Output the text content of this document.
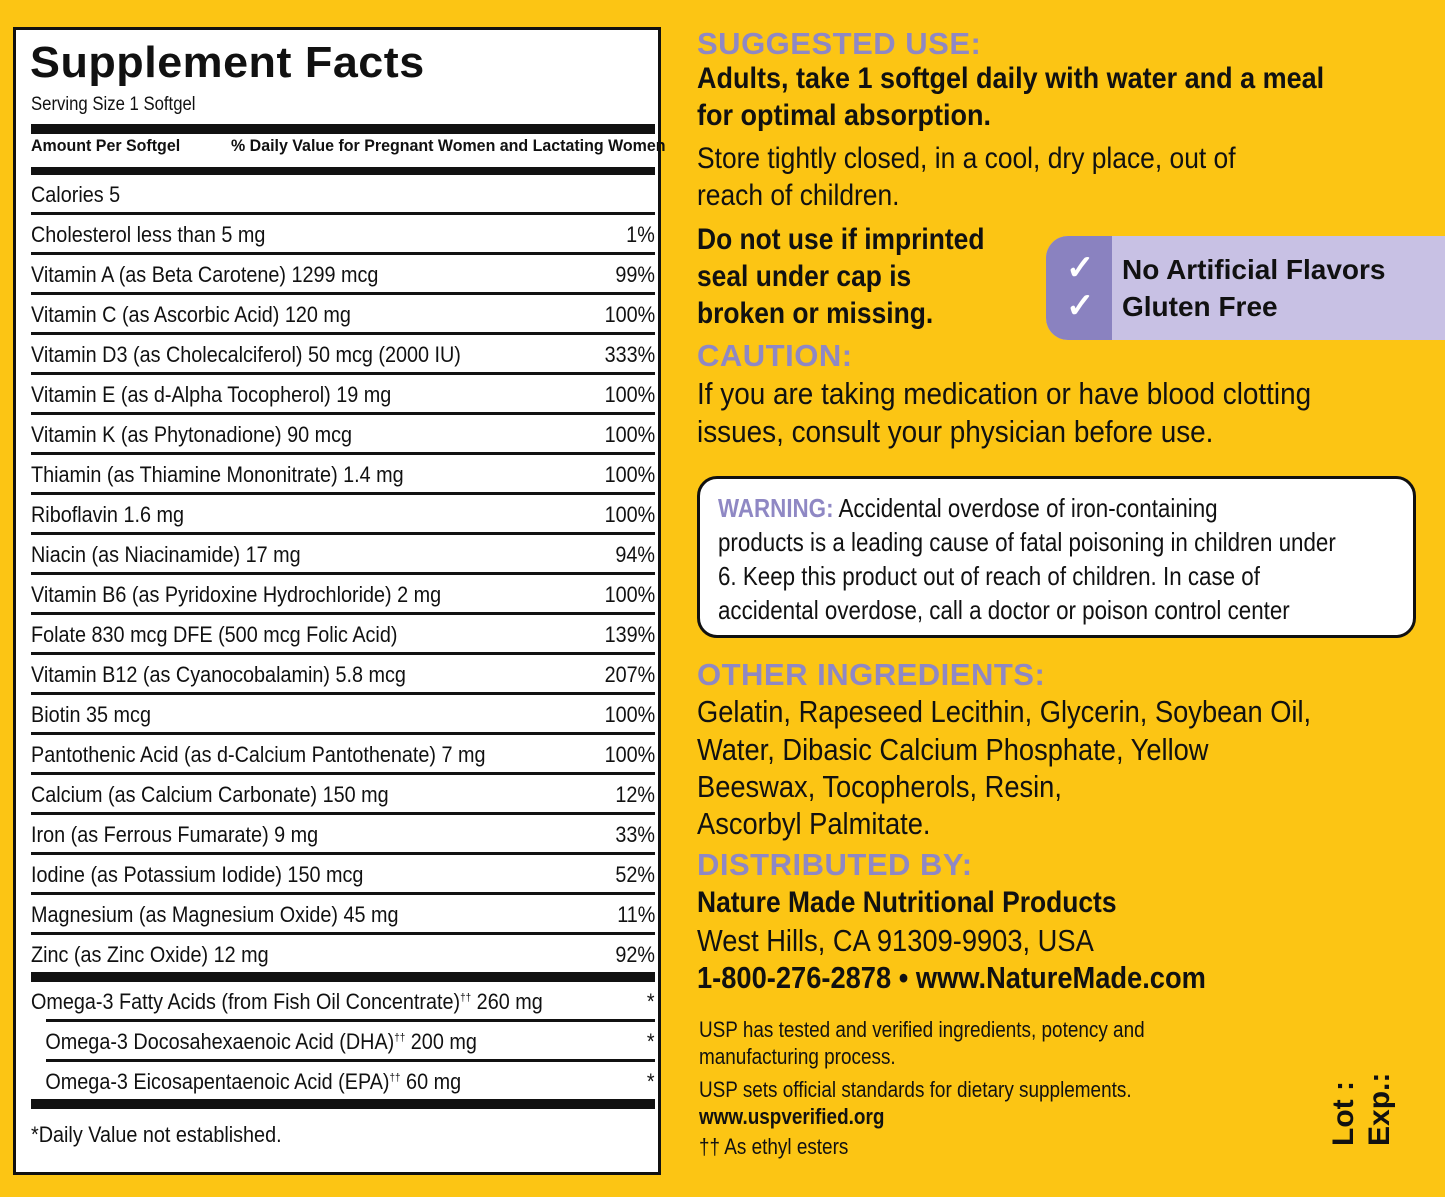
Supplement Facts
Serving Size 1 Softgel
Amount Per Softgel	% Daily Value for Pregnant Women and Lactating Women
Calories 5
Cholesterol less than 5 mg	1%
Vitamin A (as Beta Carotene) 1299 mcg	99%
Vitamin C (as Ascorbic Acid) 120 mg	100%
Vitamin D3 (as Cholecalciferol) 50 mcg (2000 IU)	333%
Vitamin E (as d-Alpha Tocopherol) 19 mg	100%
Vitamin K (as Phytonadione) 90 mcg	100%
Thiamin (as Thiamine Mononitrate) 1.4 mg	100%
Riboflavin 1.6 mg	100%
Niacin (as Niacinamide) 17 mg	94%
Vitamin B6 (as Pyridoxine Hydrochloride) 2 mg	100%
Folate 830 mcg DFE (500 mcg Folic Acid)	139%
Vitamin B12 (as Cyanocobalamin) 5.8 mcg	207%
Biotin 35 mcg	100%
Pantothenic Acid (as d-Calcium Pantothenate) 7 mg	100%
Calcium (as Calcium Carbonate) 150 mg	12%
Iron (as Ferrous Fumarate) 9 mg	33%
Iodine (as Potassium Iodide) 150 mcg	52%
Magnesium (as Magnesium Oxide) 45 mg	11%
Zinc (as Zinc Oxide) 12 mg	92%
Omega-3 Fatty Acids (from Fish Oil Concentrate)†† 260 mg	*
Omega-3 Docosahexaenoic Acid (DHA)†† 200 mg	*
Omega-3 Eicosapentaenoic Acid (EPA)†† 60 mg	*
*Daily Value not established.
SUGGESTED USE:
Adults, take 1 softgel daily with water and a meal
for optimal absorption.
Store tightly closed, in a cool, dry place, out of
reach of children.
Do not use if imprinted
seal under cap is
broken or missing.
✓
✓
No Artificial Flavors
Gluten Free
CAUTION:
If you are taking medication or have blood clotting
issues, consult your physician before use.
WARNING: Accidental overdose of iron-containing
products is a leading cause of fatal poisoning in children under
6. Keep this product out of reach of children. In case of
accidental overdose, call a doctor or poison control center
OTHER INGREDIENTS:
Gelatin, Rapeseed Lecithin, Glycerin, Soybean Oil,
Water, Dibasic Calcium Phosphate, Yellow
Beeswax, Tocopherols, Resin,
Ascorbyl Palmitate.
DISTRIBUTED BY:
Nature Made Nutritional Products
West Hills, CA 91309-9903, USA
1-800-276-2878 • www.NatureMade.com
USP has tested and verified ingredients, potency and
manufacturing process.
USP sets official standards for dietary supplements.
www.uspverified.org
†† As ethyl esters
Lot : Exp.:
